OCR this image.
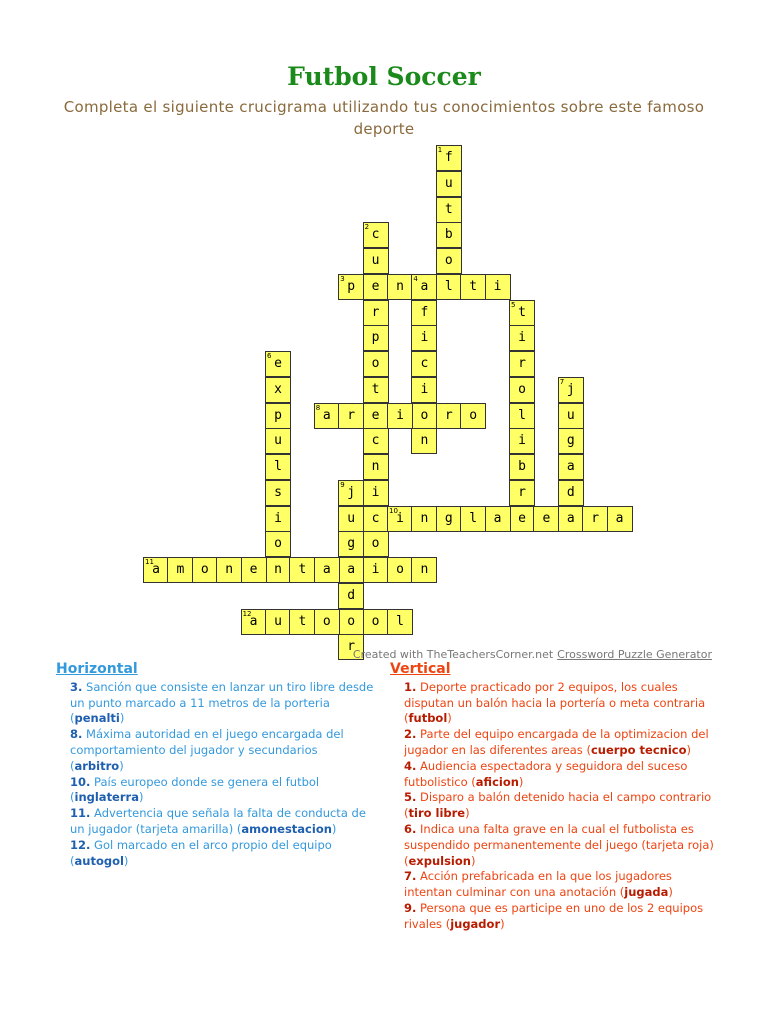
Futbol Soccer
Completa el siguiente crucigrama utilizando tus conocimientos sobre este famoso deporte
1 f
u
t
b
o
l
2 c
u
e
r
p
o
t
e
c
n
i
c
o
3 p	n	4 a	t	i
f
i
c
i
o
n
5 t
i
r
o
l
i
b
r
e
6 e
x
p
u
l
s
i
o
n
7 j
u
g
a
d
a
8 a	r	i	r	o
9 j
u
g
a
d
o
r
10
i	n	g	l	a	e	r	a
11
a	m	o	n	e	t	a	i	o	n
12
a	u	t	o	o	l
Created with TheTeachersCorner.net Crossword Puzzle Generator
Horizontal
3. Sanción que consiste en lanzar un tiro libre desde un punto marcado a 11 metros de la porteria (penalti)
8. Máxima autoridad en el juego encargada del comportamiento del jugador y secundarios (arbitro)
10. País europeo donde se genera el futbol (inglaterra)
11. Advertencia que señala la falta de conducta de un jugador (tarjeta amarilla) (amonestacion)
12. Gol marcado en el arco propio del equipo (autogol)
Vertical
1. Deporte practicado por 2 equipos, los cuales disputan un balón hacia la portería o meta contraria (futbol)
2. Parte del equipo encargada de la optimizacion del jugador en las diferentes areas (cuerpo tecnico)
4. Audiencia espectadora y seguidora del suceso futbolistico (aficion)
5. Disparo a balón detenido hacia el campo contrario (tiro libre)
6. Indica una falta grave en la cual el futbolista es suspendido permanentemente del juego (tarjeta roja) (expulsion)
7. Acción prefabricada en la que los jugadores intentan culminar con una anotación (jugada)
9. Persona que es participe en uno de los 2 equipos rivales (jugador)
